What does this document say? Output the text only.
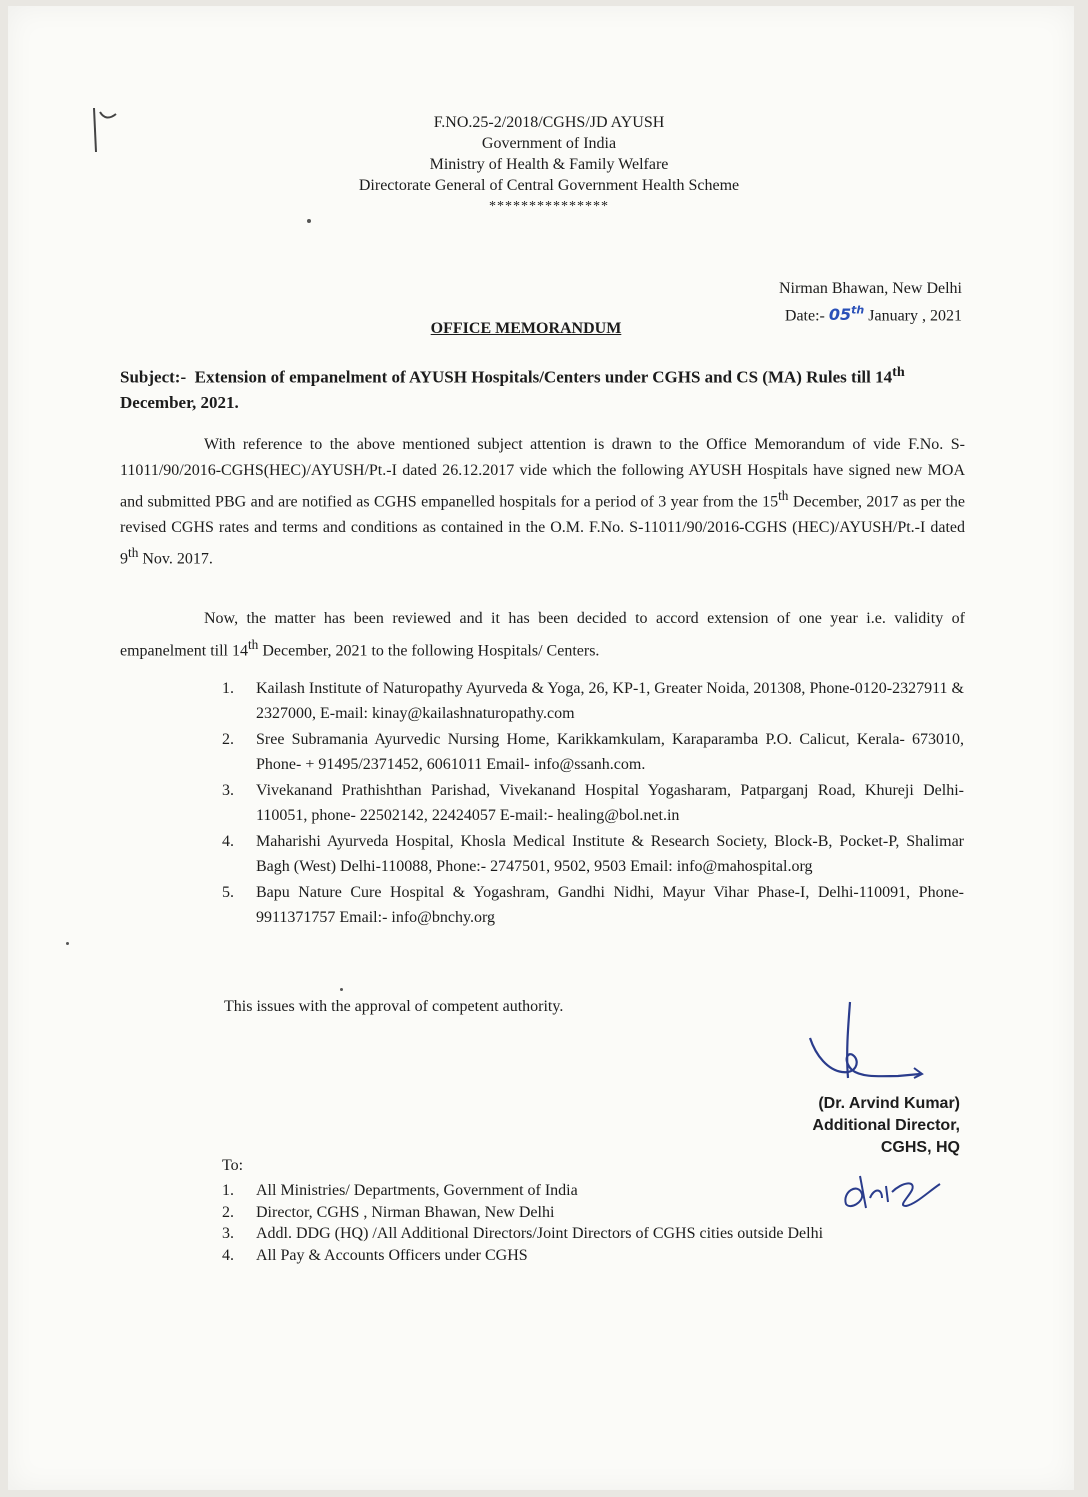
F.NO.25-2/2018/CGHS/JD AYUSH
Government of India
Ministry of Health & Family Welfare
Directorate General of Central Government Health Scheme
***************
Nirman Bhawan, New Delhi
Date:- 05th January , 2021
OFFICE MEMORANDUM
Subject:- Extension of empanelment of AYUSH Hospitals/Centers under CGHS and CS (MA) Rules till 14th December, 2021.
With reference to the above mentioned subject attention is drawn to the Office Memorandum of vide F.No. S-11011/90/2016-CGHS(HEC)/AYUSH/Pt.-I dated 26.12.2017 vide which the following AYUSH Hospitals have signed new MOA and submitted PBG and are notified as CGHS empanelled hospitals for a period of 3 year from the 15th December, 2017 as per the revised CGHS rates and terms and conditions as contained in the O.M. F.No. S-11011/90/2016-CGHS (HEC)/AYUSH/Pt.-I dated 9th Nov. 2017.
Now, the matter has been reviewed and it has been decided to accord extension of one year i.e. validity of empanelment till 14th December, 2021 to the following Hospitals/ Centers.
1. Kailash Institute of Naturopathy Ayurveda & Yoga, 26, KP-1, Greater Noida, 201308, Phone-0120-2327911 & 2327000, E-mail: kinay@kailashnaturopathy.com
2. Sree Subramania Ayurvedic Nursing Home, Karikkamkulam, Karaparamba P.O. Calicut, Kerala- 673010, Phone- + 91495/2371452, 6061011 Email- info@ssanh.com.
3. Vivekanand Prathishthan Parishad, Vivekanand Hospital Yogasharam, Patparganj Road, Khureji Delhi-110051, phone- 22502142, 22424057 E-mail:- healing@bol.net.in
4. Maharishi Ayurveda Hospital, Khosla Medical Institute & Research Society, Block-B, Pocket-P, Shalimar Bagh (West) Delhi-110088, Phone:- 2747501, 9502, 9503 Email: info@mahospital.org
5. Bapu Nature Cure Hospital & Yogashram, Gandhi Nidhi, Mayur Vihar Phase-I, Delhi-110091, Phone- 9911371757 Email:- info@bnchy.org
This issues with the approval of competent authority.
(Dr. Arvind Kumar)
Additional Director,
CGHS, HQ
To:
1. All Ministries/ Departments, Government of India
2. Director, CGHS , Nirman Bhawan, New Delhi
3. Addl. DDG (HQ) /All Additional Directors/Joint Directors of CGHS cities outside Delhi
4. All Pay & Accounts Officers under CGHS
